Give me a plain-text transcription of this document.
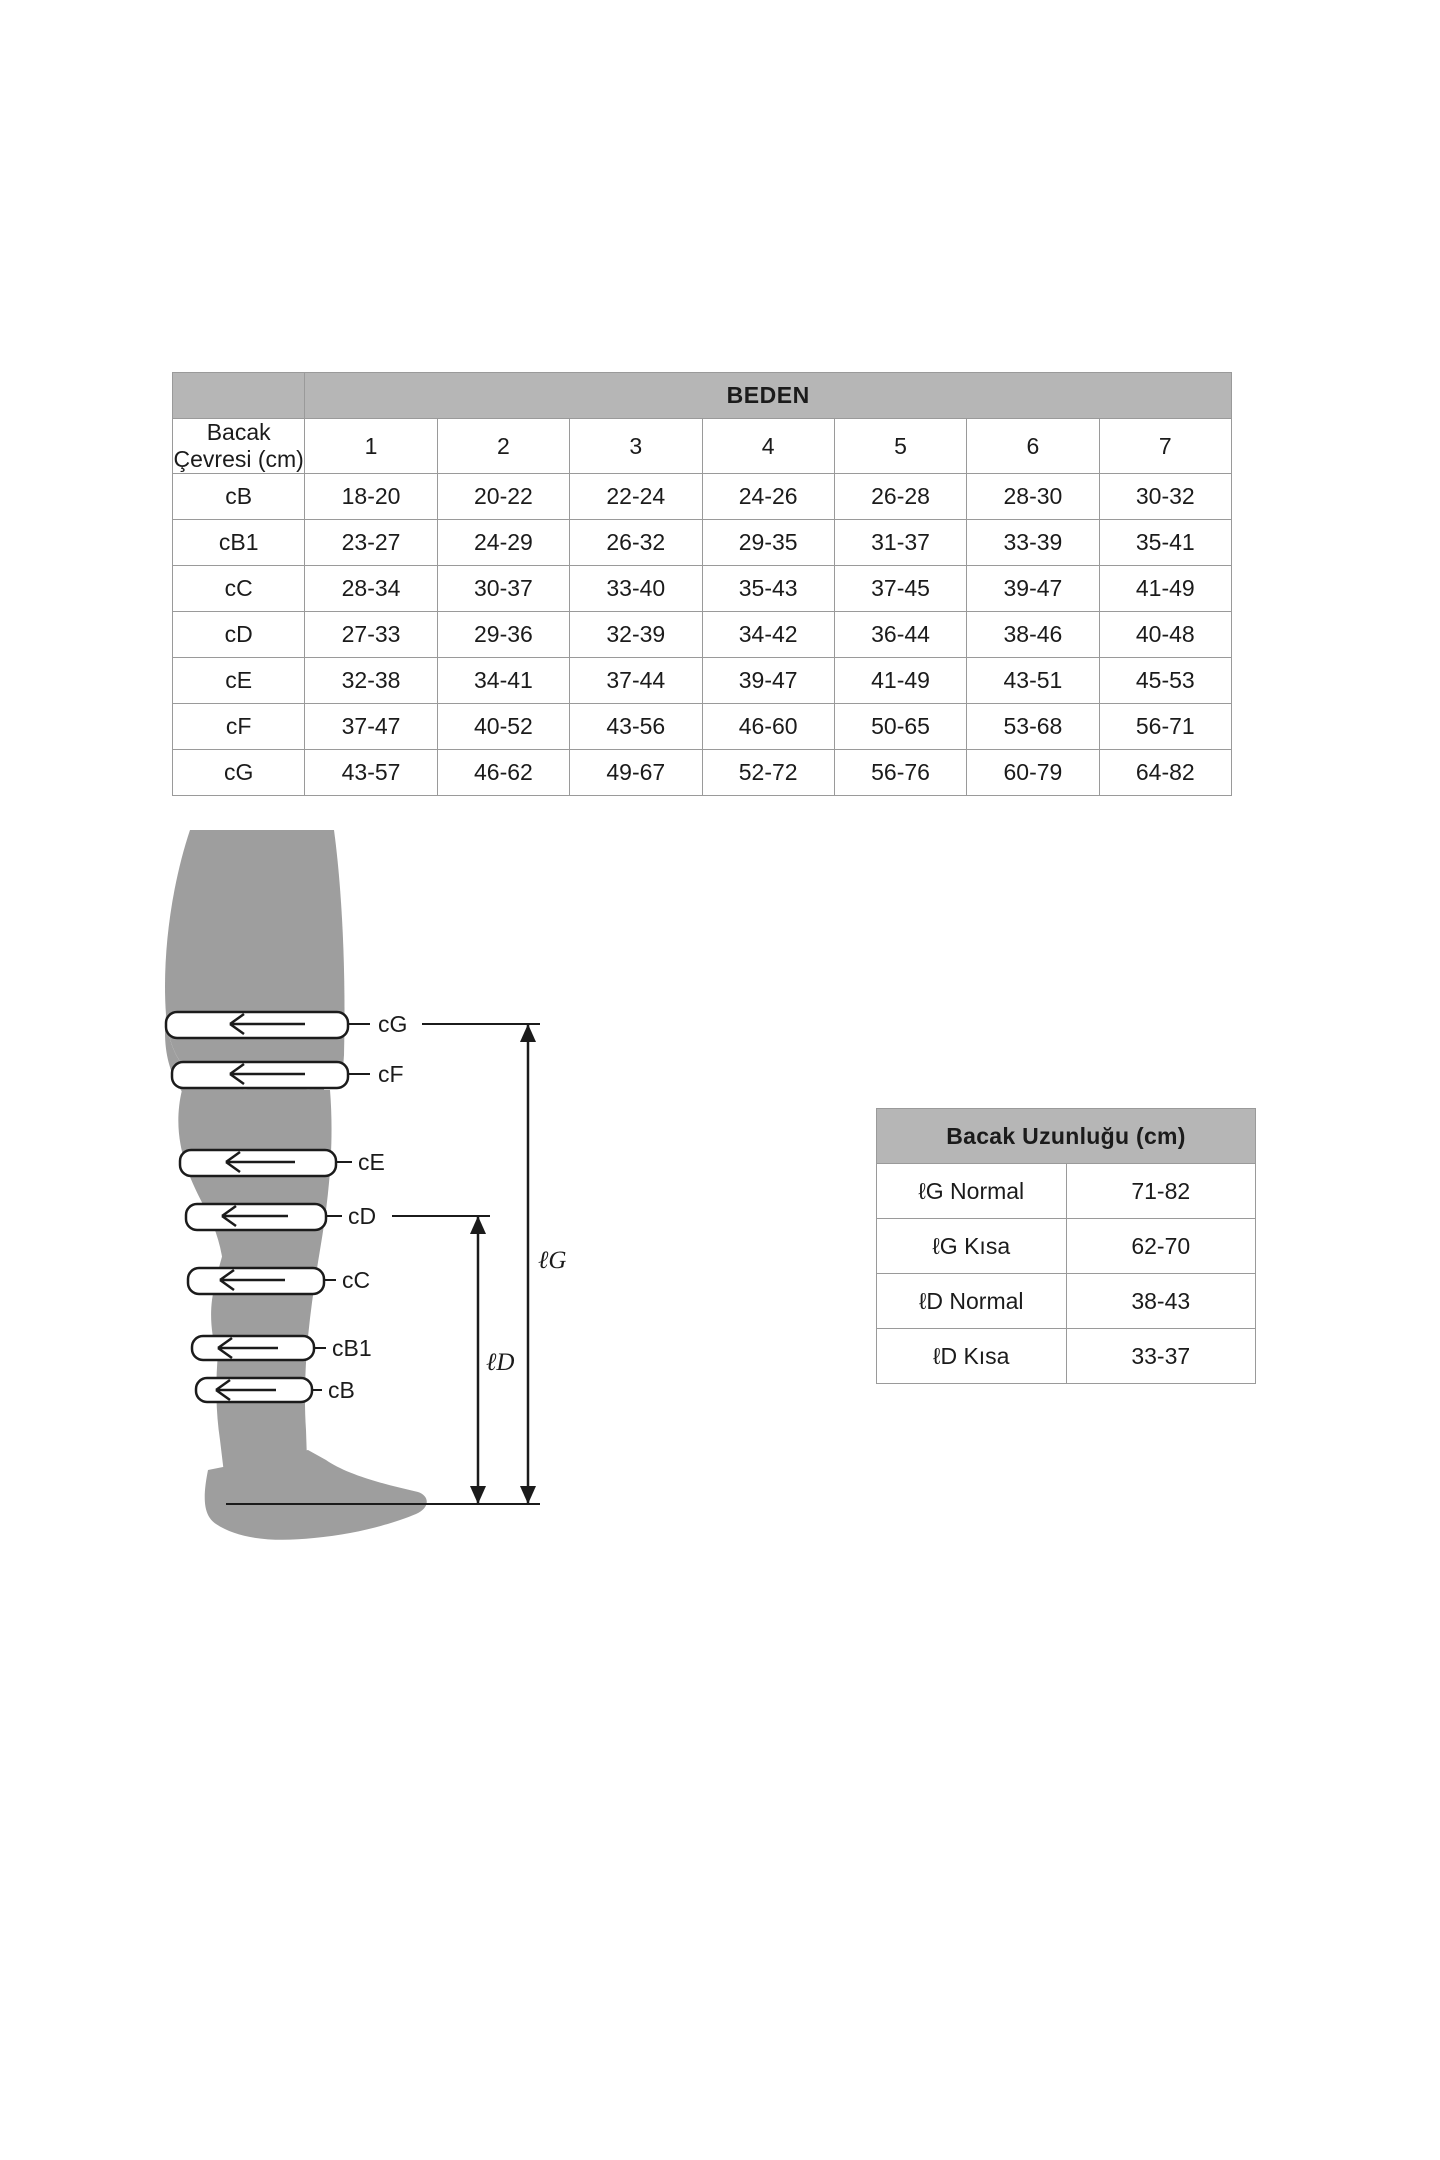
	BEDEN						
Bacak Çevresi (cm)	1	2	3	4	5	6	7
cB	18-20	20-22	22-24	24-26	26-28	28-30	30-32
cB1	23-27	24-29	26-32	29-35	31-37	33-39	35-41
cC	28-34	30-37	33-40	35-43	37-45	39-47	41-49
cD	27-33	29-36	32-39	34-42	36-44	38-46	40-48
cE	32-38	34-41	37-44	39-47	41-49	43-51	45-53
cF	37-47	40-52	43-56	46-60	50-65	53-68	56-71
cG	43-57	46-62	49-67	52-72	56-76	60-79	64-82
Bacak Uzunluğu (cm)	
ℓG Normal	71-82
ℓG Kısa	62-70
ℓD Normal	38-43
ℓD Kısa	33-37
cG
cF
cE
cD
cC
cB1
cB
ℓG
ℓD
